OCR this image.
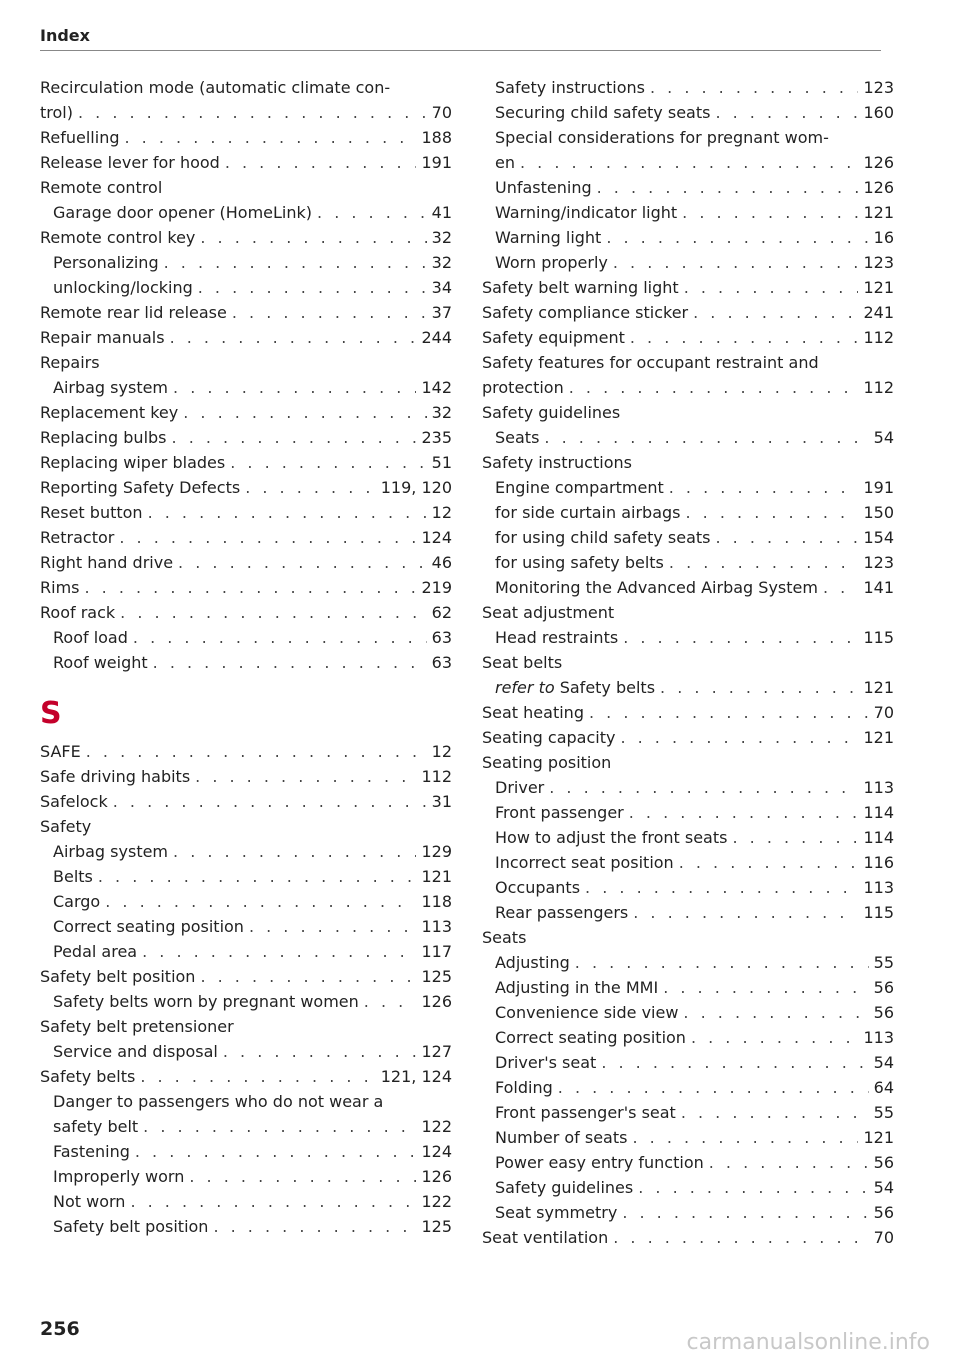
Index
Recirculation mode (automatic climate con-
trol) . . .	70
Refuelling . . .	188
Release lever for hood . . .	191
Remote control
Garage door opener (HomeLink) . . .	41
Remote control key . . .	32
Personalizing . . .	32
unlocking/locking . . .	34
Remote rear lid release . . .	37
Repair manuals . . .	244
Repairs
Airbag system . . .	142
Replacement key . . .	32
Replacing bulbs . . .	235
Replacing wiper blades . . .	51
Reporting Safety Defects . . .	119, 120
Reset button . . .	12
Retractor . . .	124
Right hand drive . . .	46
Rims . . .	219
Roof rack . . .	62
Roof load . . .	63
Roof weight . . .	63
S
SAFE . . .	12
Safe driving habits . . .	112
Safelock . . .	31
Safety
Airbag system . . .	129
Belts . . .	121
Cargo . . .	118
Correct seating position . . .	113
Pedal area . . .	117
Safety belt position . . .	125
Safety belts worn by pregnant women . . .	126
Safety belt pretensioner
Service and disposal . . .	127
Safety belts . . .	121, 124
Danger to passengers who do not wear a
safety belt . . .	122
Fastening . . .	124
Improperly worn . . .	126
Not worn . . .	122
Safety belt position . . .	125
Safety instructions . . .	123
Securing child safety seats . . .	160
Special considerations for pregnant wom-
en . . .	126
Unfastening . . .	126
Warning/indicator light . . .	121
Warning light . . .	16
Worn properly . . .	123
Safety belt warning light . . .	121
Safety compliance sticker . . .	241
Safety equipment . . .	112
Safety features for occupant restraint and
protection . . .	112
Safety guidelines
Seats . . .	54
Safety instructions
Engine compartment . . .	191
for side curtain airbags . . .	150
for using child safety seats . . .	154
for using safety belts . . .	123
Monitoring the Advanced Airbag System . . .	141
Seat adjustment
Head restraints . . .	115
Seat belts
refer to Safety belts . . .	121
Seat heating . . .	70
Seating capacity . . .	121
Seating position
Driver . . .	113
Front passenger . . .	114
How to adjust the front seats . . .	114
Incorrect seat position . . .	116
Occupants . . .	113
Rear passengers . . .	115
Seats
Adjusting . . .	55
Adjusting in the MMI . . .	56
Convenience side view . . .	56
Correct seating position . . .	113
Driver's seat . . .	54
Folding . . .	64
Front passenger's seat . . .	55
Number of seats . . .	121
Power easy entry function . . .	56
Safety guidelines . . .	54
Seat symmetry . . .	56
Seat ventilation . . .	70
256
carmanualsonline.info
